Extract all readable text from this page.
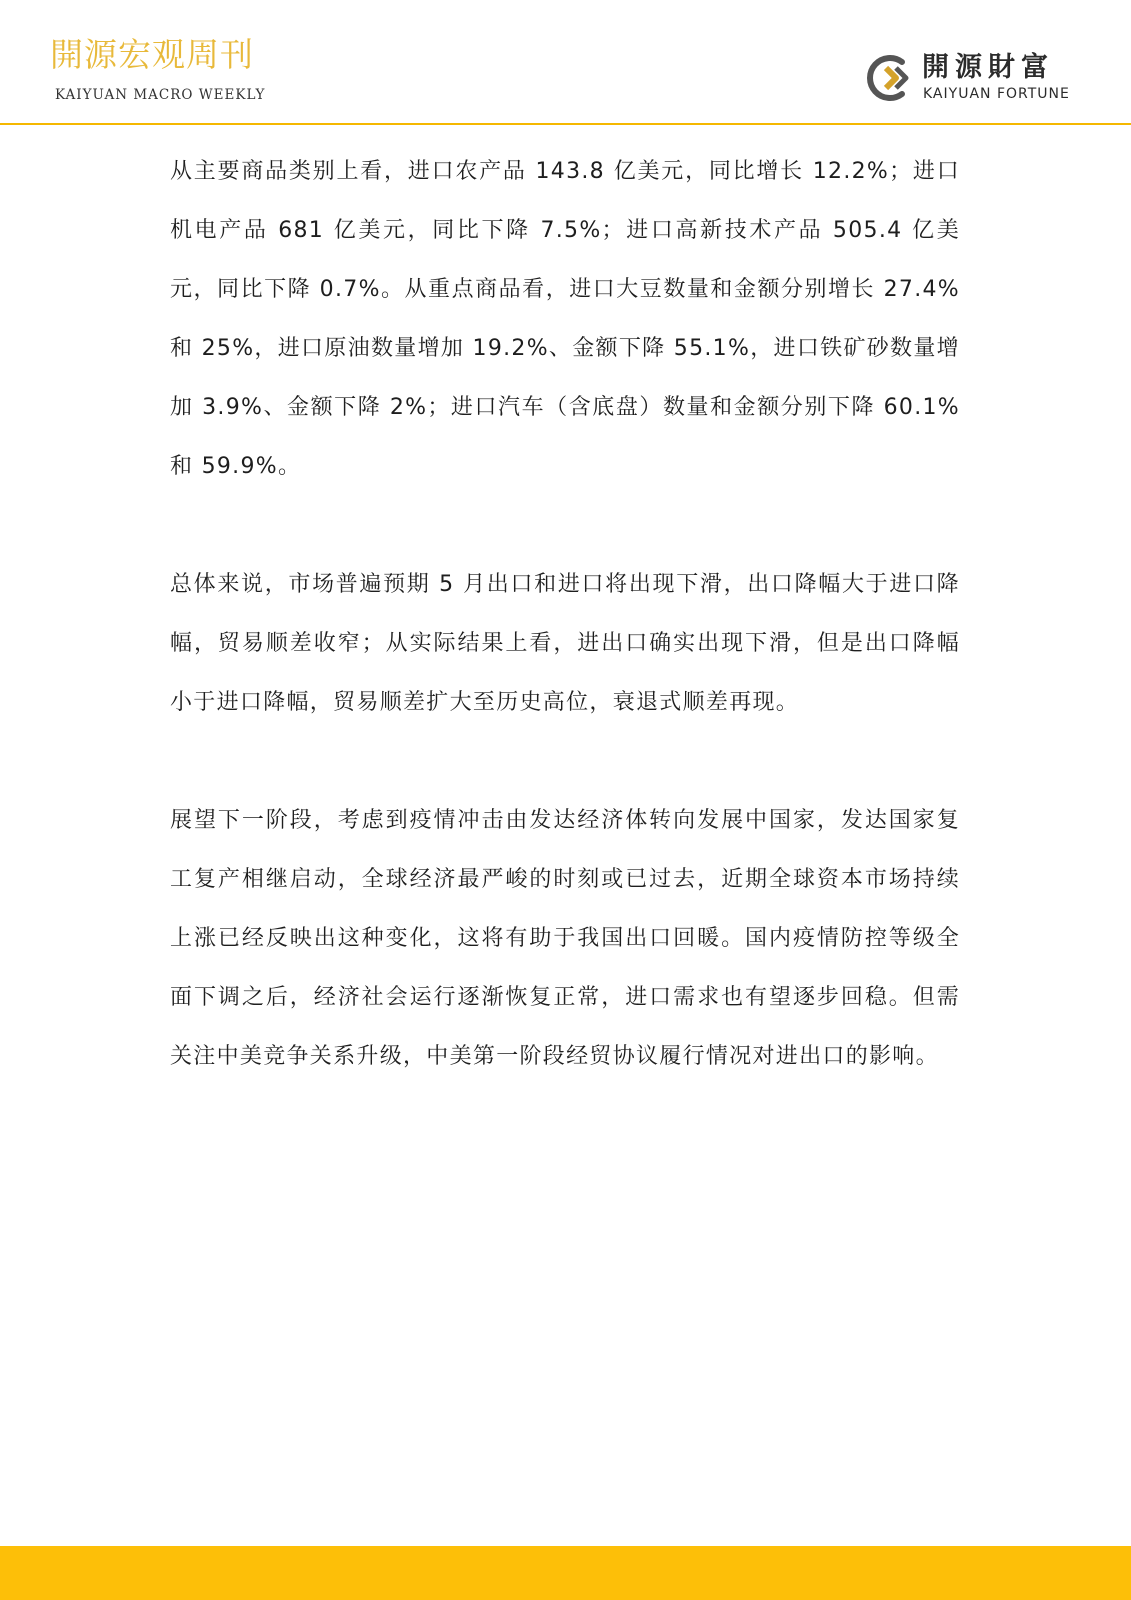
開源宏观周刊
KAIYUAN MACRO WEEKLY
開源財富
KAIYUAN FORTUNE

从主要商品类别上看，进口农产品 143.8 亿美元，同比增长 12.2%；进口机电产品 681 亿美元，同比下降 7.5%；进口高新技术产品 505.4 亿美元，同比下降 0.7%。从重点商品看，进口大豆数量和金额分别增长 27.4%和 25%，进口原油数量增加 19.2%、金额下降 55.1%，进口铁矿砂数量增加 3.9%、金额下降 2%；进口汽车（含底盘）数量和金额分别下降 60.1%和 59.9%。

总体来说，市场普遍预期 5 月出口和进口将出现下滑，出口降幅大于进口降幅，贸易顺差收窄；从实际结果上看，进出口确实出现下滑，但是出口降幅小于进口降幅，贸易顺差扩大至历史高位，衰退式顺差再现。

展望下一阶段，考虑到疫情冲击由发达经济体转向发展中国家，发达国家复工复产相继启动，全球经济最严峻的时刻或已过去，近期全球资本市场持续上涨已经反映出这种变化，这将有助于我国出口回暖。国内疫情防控等级全面下调之后，经济社会运行逐渐恢复正常，进口需求也有望逐步回稳。但需关注中美竞争关系升级，中美第一阶段经贸协议履行情况对进出口的影响。
